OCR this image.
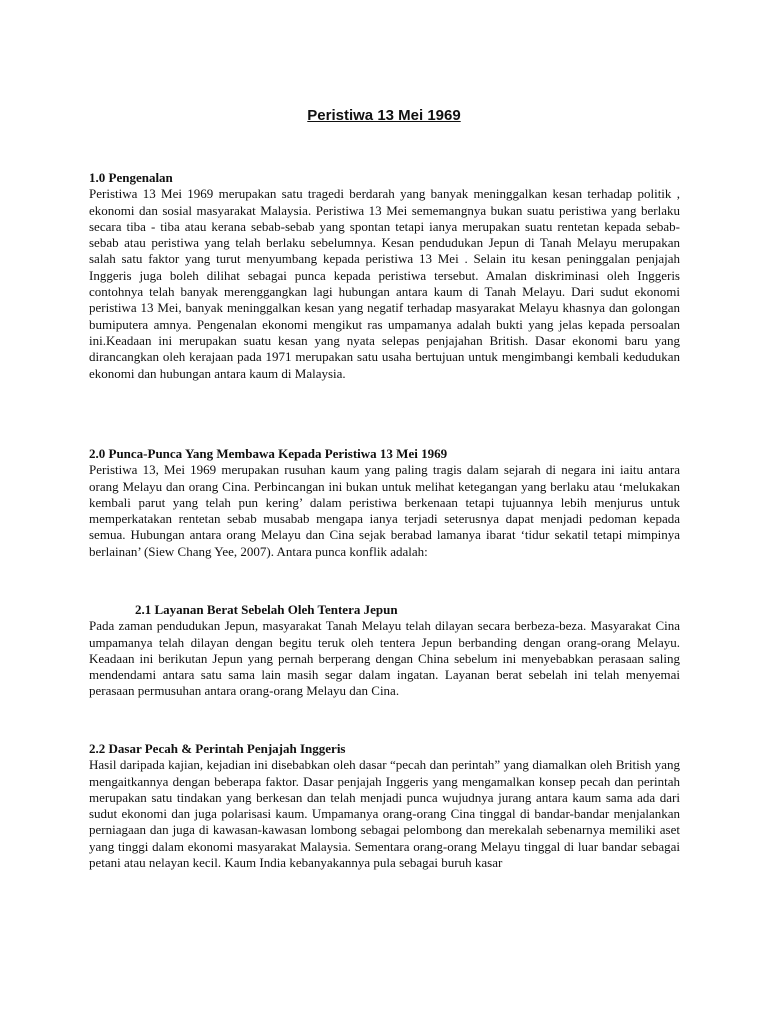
Peristiwa 13 Mei 1969

1.0 Pengenalan

Peristiwa 13 Mei 1969 merupakan satu tragedi berdarah yang banyak meninggalkan kesan terhadap politik , ekonomi dan sosial masyarakat Malaysia. Peristiwa 13 Mei sememangnya bukan suatu peristiwa yang berlaku secara tiba - tiba atau kerana sebab-sebab yang spontan tetapi ianya merupakan suatu rentetan kepada sebab-sebab atau peristiwa yang telah berlaku sebelumnya. Kesan pendudukan Jepun di Tanah Melayu merupakan salah satu faktor yang turut menyumbang kepada peristiwa 13 Mei . Selain itu kesan peninggalan penjajah Inggeris juga boleh dilihat sebagai punca kepada peristiwa tersebut. Amalan diskriminasi oleh Inggeris contohnya telah banyak merenggangkan lagi hubungan antara kaum di Tanah Melayu. Dari sudut ekonomi peristiwa 13 Mei, banyak meninggalkan kesan yang negatif terhadap masyarakat Melayu khasnya dan golongan bumiputera amnya. Pengenalan ekonomi mengikut ras umpamanya adalah bukti yang jelas kepada persoalan ini.Keadaan ini merupakan suatu kesan yang nyata selepas penjajahan British. Dasar ekonomi baru yang dirancangkan oleh kerajaan pada 1971 merupakan satu usaha bertujuan untuk mengimbangi kembali kedudukan ekonomi dan hubungan antara kaum di Malaysia.

2.0 Punca-Punca Yang Membawa Kepada Peristiwa 13 Mei 1969

Peristiwa 13, Mei 1969 merupakan rusuhan kaum yang paling tragis dalam sejarah di negara ini iaitu antara orang Melayu dan orang Cina. Perbincangan ini bukan untuk melihat ketegangan yang berlaku atau ‘melukakan kembali parut yang telah pun kering’ dalam peristiwa berkenaan tetapi tujuannya lebih menjurus untuk memperkatakan rentetan sebab musabab mengapa ianya terjadi seterusnya dapat menjadi pedoman kepada semua. Hubungan antara orang Melayu dan Cina sejak berabad lamanya ibarat ‘tidur sekatil tetapi mimpinya berlainan’ (Siew Chang Yee, 2007). Antara punca konflik adalah:

2.1 Layanan Berat Sebelah Oleh Tentera Jepun

Pada zaman pendudukan Jepun, masyarakat Tanah Melayu telah dilayan secara berbeza-beza. Masyarakat Cina umpamanya telah dilayan dengan begitu teruk oleh tentera Jepun berbanding dengan orang-orang Melayu. Keadaan ini berikutan Jepun yang pernah berperang dengan China sebelum ini menyebabkan perasaan saling mendendami antara satu sama lain masih segar dalam ingatan. Layanan berat sebelah ini telah menyemai perasaan permusuhan antara orang-orang Melayu dan Cina.

2.2 Dasar Pecah & Perintah Penjajah Inggeris

Hasil daripada kajian, kejadian ini disebabkan oleh dasar “pecah dan perintah” yang diamalkan oleh British yang mengaitkannya dengan beberapa faktor. Dasar penjajah Inggeris yang mengamalkan konsep pecah dan perintah merupakan satu tindakan yang berkesan dan telah menjadi punca wujudnya jurang antara kaum sama ada dari sudut ekonomi dan juga polarisasi kaum. Umpamanya orang-orang Cina tinggal di bandar-bandar menjalankan perniagaan dan juga di kawasan-kawasan lombong sebagai pelombong dan merekalah sebenarnya memiliki aset yang tinggi dalam ekonomi masyarakat Malaysia. Sementara orang-orang Melayu tinggal di luar bandar sebagai petani atau nelayan kecil. Kaum India kebanyakannya pula sebagai buruh kasar
